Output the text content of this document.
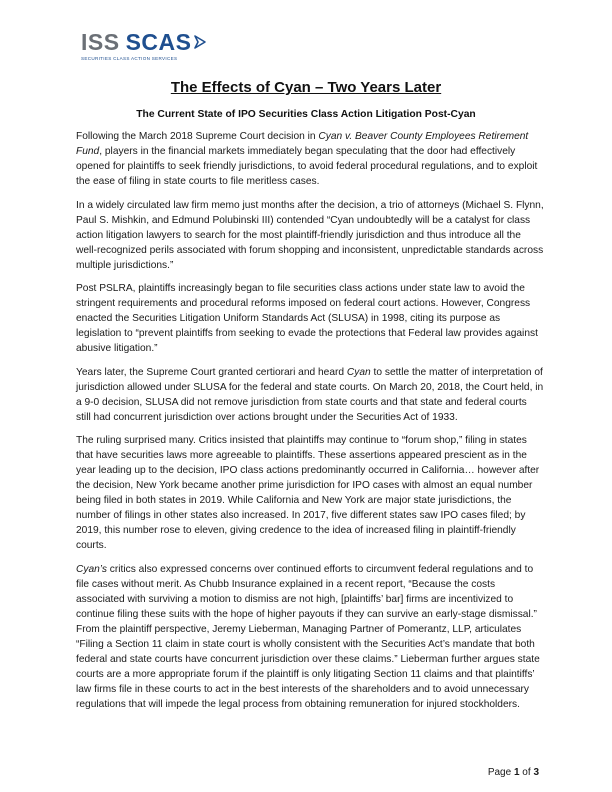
ISS SCAS
SECURITIES CLASS ACTION SERVICES
The Effects of Cyan – Two Years Later
The Current State of IPO Securities Class Action Litigation Post-Cyan

Following the March 2018 Supreme Court decision in Cyan v. Beaver County Employees Retirement Fund, players in the financial markets immediately began speculating that the door had effectively opened for plaintiffs to seek friendly jurisdictions, to avoid federal procedural regulations, and to exploit the ease of filing in state courts to file meritless cases.

In a widely circulated law firm memo just months after the decision, a trio of attorneys (Michael S. Flynn, Paul S. Mishkin, and Edmund Polubinski III) contended “Cyan undoubtedly will be a catalyst for class action litigation lawyers to search for the most plaintiff-friendly jurisdiction and thus introduce all the well-recognized perils associated with forum shopping and inconsistent, unpredictable standards across multiple jurisdictions.”

Post PSLRA, plaintiffs increasingly began to file securities class actions under state law to avoid the stringent requirements and procedural reforms imposed on federal court actions. However, Congress enacted the Securities Litigation Uniform Standards Act (SLUSA) in 1998, citing its purpose as legislation to “prevent plaintiffs from seeking to evade the protections that Federal law provides against abusive litigation.”

Years later, the Supreme Court granted certiorari and heard Cyan to settle the matter of interpretation of jurisdiction allowed under SLUSA for the federal and state courts. On March 20, 2018, the Court held, in a 9-0 decision, SLUSA did not remove jurisdiction from state courts and that state and federal courts still had concurrent jurisdiction over actions brought under the Securities Act of 1933.

The ruling surprised many. Critics insisted that plaintiffs may continue to “forum shop,” filing in states that have securities laws more agreeable to plaintiffs. These assertions appeared prescient as in the year leading up to the decision, IPO class actions predominantly occurred in California… however after the decision, New York became another prime jurisdiction for IPO cases with almost an equal number being filed in both states in 2019. While California and New York are major state jurisdictions, the number of filings in other states also increased. In 2017, five different states saw IPO cases filed; by 2019, this number rose to eleven, giving credence to the idea of increased filing in plaintiff-friendly courts.

Cyan’s critics also expressed concerns over continued efforts to circumvent federal regulations and to file cases without merit. As Chubb Insurance explained in a recent report, “Because the costs associated with surviving a motion to dismiss are not high, [plaintiffs’ bar] firms are incentivized to continue filing these suits with the hope of higher payouts if they can survive an early-stage dismissal.” From the plaintiff perspective, Jeremy Lieberman, Managing Partner of Pomerantz, LLP, articulates “Filing a Section 11 claim in state court is wholly consistent with the Securities Act’s mandate that both federal and state courts have concurrent jurisdiction over these claims.” Lieberman further argues state courts are a more appropriate forum if the plaintiff is only litigating Section 11 claims and that plaintiffs’ law firms file in these courts to act in the best interests of the shareholders and to avoid unnecessary regulations that will impede the legal process from obtaining remuneration for injured stockholders.

Page 1 of 3
